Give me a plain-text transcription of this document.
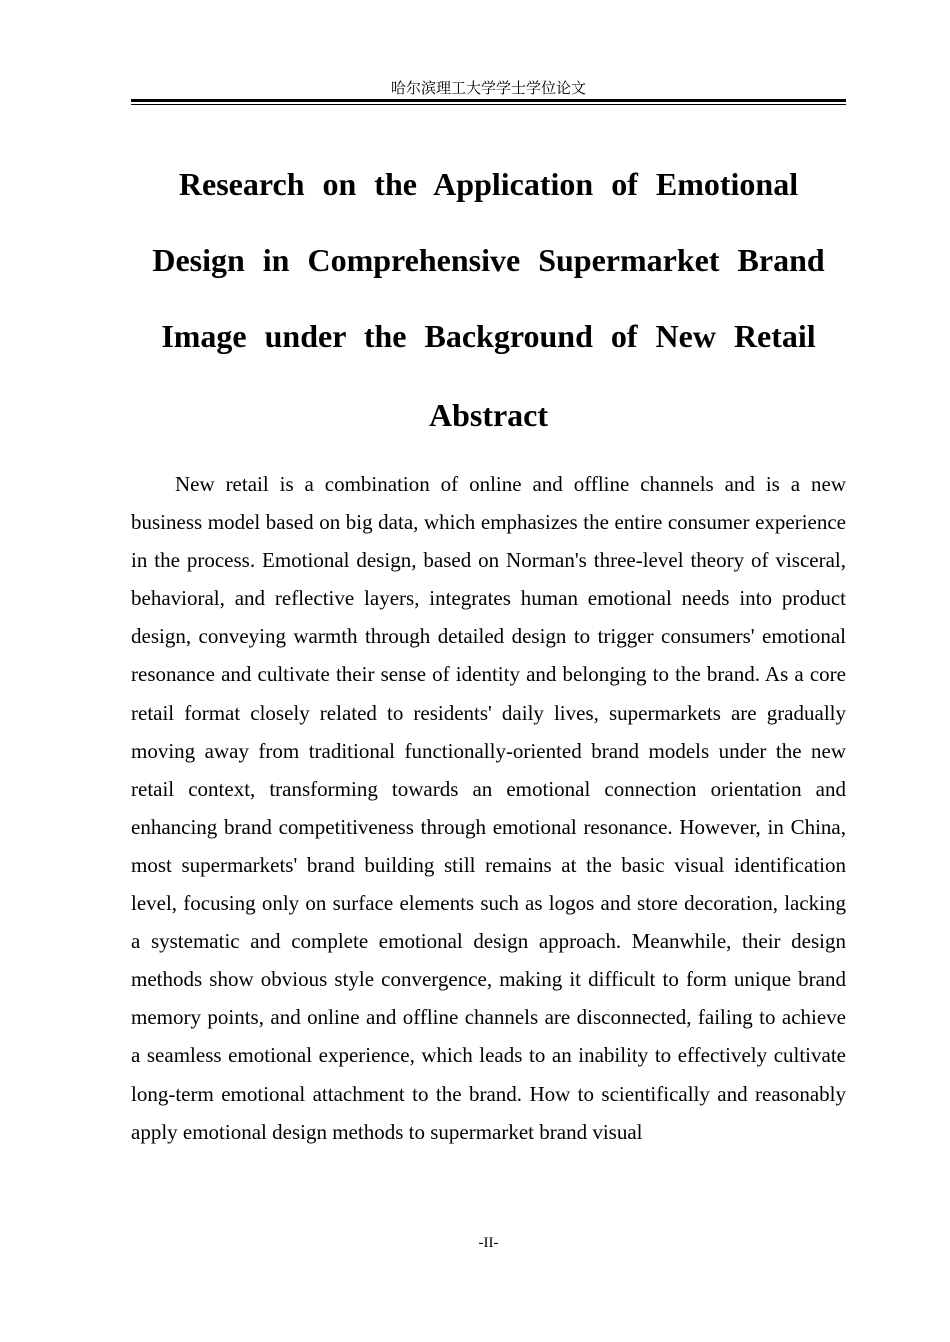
哈尔滨理工大学学士学位论文
Research on the Application of Emotional Design in Comprehensive Supermarket Brand Image under the Background of New Retail
Abstract

New retail is a combination of online and offline channels and is a new business model based on big data, which emphasizes the entire consumer experience in the process. Emotional design, based on Norman's three-level theory of visceral, behavioral, and reflective layers, integrates human emotional needs into product design, conveying warmth through detailed design to trigger consumers' emotional resonance and cultivate their sense of identity and belonging to the brand. As a core retail format closely related to residents' daily lives, supermarkets are gradually moving away from traditional functionally-oriented brand models under the new retail context, transforming towards an emotional connection orientation and enhancing brand competitiveness through emotional resonance. However, in China, most supermarkets' brand building still remains at the basic visual identification level, focusing only on surface elements such as logos and store decoration, lacking a systematic and complete emotional design approach. Meanwhile, their design methods show obvious style convergence, making it difficult to form unique brand memory points, and online and offline channels are disconnected, failing to achieve a seamless emotional experience, which leads to an inability to effectively cultivate long-term emotional attachment to the brand. How to scientifically and reasonably apply emotional design methods to supermarket brand visual

-II-
